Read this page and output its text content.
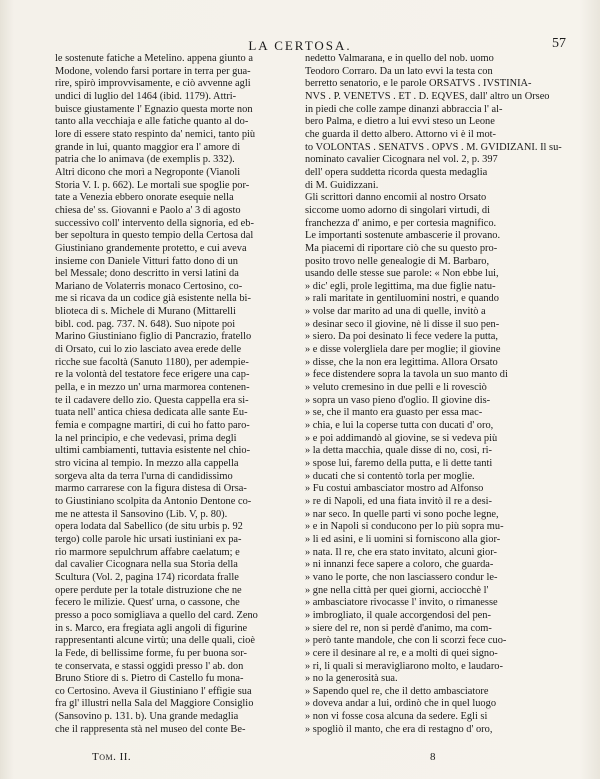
LA CERTOSA.	57

le sostenute fatiche a Metelino. appena giunto a

Modone, volendo farsi portare in terra per gua-

rire, spirò improvvisamente, e ciò avvenne agli

undici di luglio del 1464 (ibid. 1179). Attri-

buisce giustamente l' Egnazio questa morte non

tanto alla vecchiaja e alle fatiche quanto al do-

lore di essere stato respinto da' nemici, tanto più

grande in lui, quanto maggior era l' amore di

patria che lo animava (de exemplis p. 332).

Altri dicono che morì a Negroponte (Vianoli

Storia V. I. p. 662). Le mortali sue spoglie por-

tate a Venezia ebbero onorate esequie nella

chiesa de' ss. Giovanni e Paolo a' 3 di agosto

successivo coll' intervento della signoria, ed eb-

ber sepoltura in questo tempio della Certosa dal

Giustiniano grandemente protetto, e cui aveva

insieme con Daniele Vitturi fatto dono di un

bel Messale; dono descritto in versi latini da

Mariano de Volaterris monaco Certosino, co-

me si ricava da un codice già esistente nella bi-

blioteca di s. Michele di Murano (Mittarelli

bibl. cod. pag. 737. N. 648). Suo nipote poi

Marino Giustiniano figlio di Pancrazio, fratello

di Orsato, cui lo zio lasciato avea erede delle

ricche sue facoltà (Sanuto 1180), per adempie-

re la volontà del testatore fece erigere una cap-

pella, e in mezzo un' urna marmorea contenen-

te il cadavere dello zio. Questa cappella era si-

tuata nell' antica chiesa dedicata alle sante Eu-

femia e compagne martiri, di cui ho fatto paro-

la nel principio, e che vedevasi, prima degli

ultimi cambiamenti, tuttavia esistente nel chio-

stro vicina al tempio. In mezzo alla cappella

sorgeva alta da terra l'urna di candidissimo

marmo carrarese con la figura distesa di Orsa-

to Giustiniano scolpita da Antonio Dentone co-

me ne attesta il Sansovino (Lib. V, p. 80).

opera lodata dal Sabellico (de situ urbis p. 92

tergo) colle parole hic ursati iustiniani ex pa-

rio marmore sepulchrum affabre caelatum; e

dal cavalier Cicognara nella sua Storia della

Scultura (Vol. 2, pagina 174) ricordata fralle

opere perdute per la totale distruzione che ne

fecero le milizie. Quest' urna, o cassone, che

presso a poco somigliava a quello del card. Zeno

in s. Marco, era fregiata agli angoli di figurine

rappresentanti alcune virtù; una delle quali, cioè

la Fede, di bellissime forme, fu per buona sor-

te conservata, e stassi oggidì presso l' ab. don

Bruno Stiore di s. Pietro di Castello fu mona-

co Certosino. Aveva il Giustiniano l' effigie sua

fra gl' illustri nella Sala del Maggiore Consiglio

(Sansovino p. 131. b). Una grande medaglia

che il rappresenta stà nel museo del conte Be-

nedetto Valmarana, e in quello del nob. uomo

Teodoro Corraro. Da un lato evvi la testa con

berretto senatorio, e le parole ORSATVS . IVSTINIA-

NVS . P. VENETVS . ET . D. EQVES, dall' altro un Orseo

in piedi che colle zampe dinanzi abbraccia l' al-

bero Palma, e dietro a lui evvi steso un Leone

che guarda il detto albero. Attorno vi è il mot-

to VOLONTAS . SENATVS . OPVS . M. GVIDIZANI. Il su-

nominato cavalier Cicognara nel vol. 2, p. 397

dell' opera suddetta ricorda questa medaglia

di M. Guidizzani.

Gli scrittori danno encomii al nostro Orsato

siccome uomo adorno di singolari virtudi, di

franchezza d' animo, e per cortesia magnifico.

Le importanti sostenute ambascerie il provano.

Ma piacemi di riportare ciò che su questo pro-

posito trovo nelle genealogie di M. Barbaro,

usando delle stesse sue parole: « Non ebbe lui,

» dic' egli, prole legittima, ma due figlie natu-

» rali maritate in gentiluomini nostri, e quando

» volse dar marito ad una di quelle, invitò a

» desinar seco il giovine, nè li disse il suo pen-

» siero. Da poi desinato li fece vedere la putta,

» e disse volergliela dare per moglie; il giovine

» disse, che la non era legittima. Allora Orsato

» fece distendere sopra la tavola un suo manto di

» veluto cremesino in due pelli e li rovesciò

» sopra un vaso pieno d'oglio. Il giovine dis-

» se, che il manto era guasto per essa mac-

» chia, e lui la coperse tutta con ducati d' oro,

» e poi addimandò al giovine, se si vedeva più

» la detta macchia, quale disse di no, così, ri-

» spose lui, faremo della putta, e li dette tanti

» ducati che si contentò torla per moglie.

» Fu costui ambasciator mostro ad Alfonso

» re di Napoli, ed una fiata invitò il re a desi-

» nar seco. In quelle parti vi sono poche legne,

» e in Napoli si conducono per lo più sopra mu-

» li ed asini, e li uomini si forniscono alla gior-

» nata. Il re, che era stato invitato, alcuni gior-

» ni innanzi fece sapere a coloro, che guarda-

» vano le porte, che non lasciassero condur le-

» gne nella città per quei giorni, acciocchè l'

» ambasciatore rivocasse l' invito, o rimanesse

» imbrogliato, il quale accorgendosi del pen-

» siere del re, non si perdè d'animo, ma com-

» però tante mandole, che con li scorzi fece cuo-

» cere il desinare al re, e a molti di quei signo-

» ri, li quali si meravigliarono molto, e laudaro-

» no la generosità sua.

» Sapendo quel re, che il detto ambasciatore

» doveva andar a lui, ordinò che in quel luogo

» non vi fosse cosa alcuna da sedere. Egli si

» spogliò il manto, che era di restagno d' oro,

Tom. II.	8
